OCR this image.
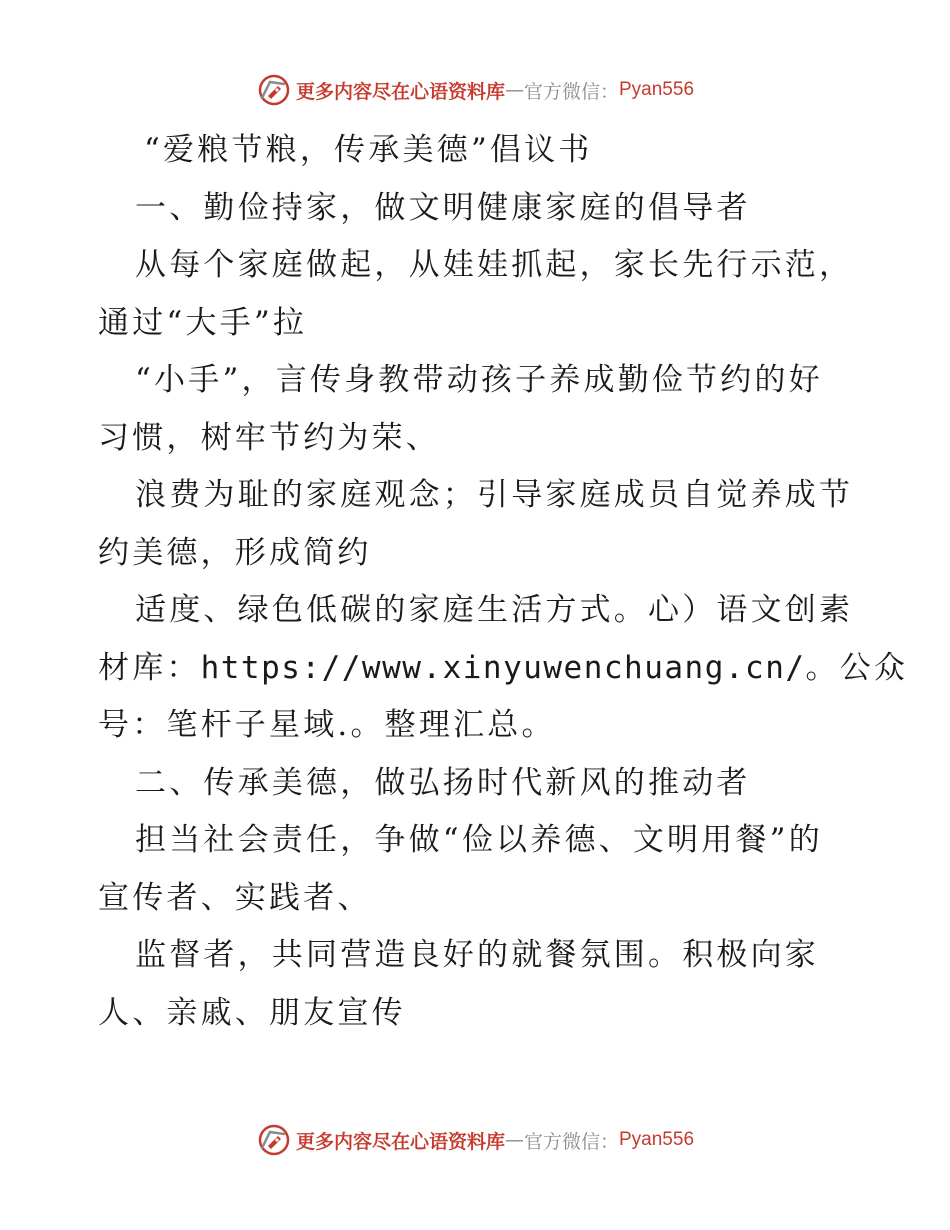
更多内容尽在心语资料库 — 官方微信： Pyan556
“爱粮节粮，传承美德”倡议书
一、勤俭持家，做文明健康家庭的倡导者
从每个家庭做起，从娃娃抓起，家长先行示范，
通过“大手”拉
“小手”，言传身教带动孩子养成勤俭节约的好
习惯，树牢节约为荣、
浪费为耻的家庭观念；引导家庭成员自觉养成节
约美德，形成简约
适度、绿色低碳的家庭生活方式。心）语文创素
材库：https://www.xinyuwenchuang.cn/。公众
号：笔杆子星域.。整理汇总。
二、传承美德，做弘扬时代新风的推动者
担当社会责任，争做“俭以养德、文明用餐”的
宣传者、实践者、
监督者，共同营造良好的就餐氛围。积极向家
人、亲戚、朋友宣传
更多内容尽在心语资料库 — 官方微信： Pyan556
